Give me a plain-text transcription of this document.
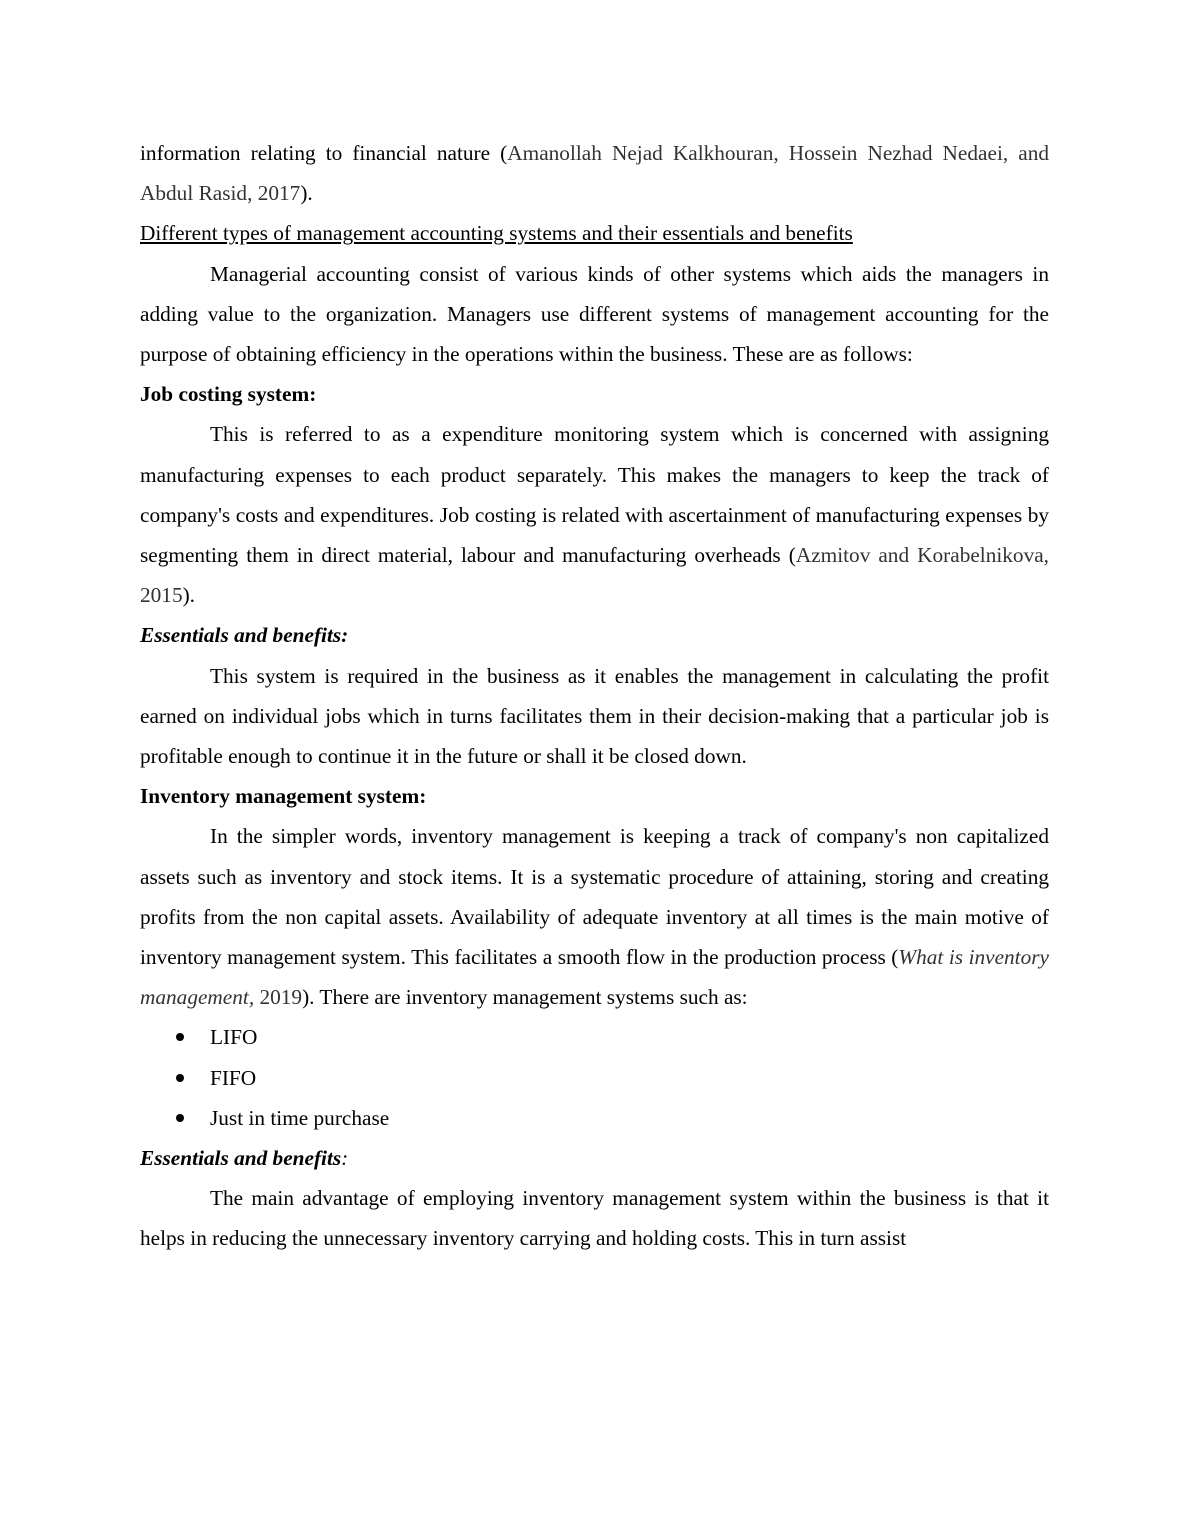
information relating to financial nature (Amanollah Nejad Kalkhouran, Hossein Nezhad Nedaei, and Abdul Rasid, 2017).

Different types of management accounting systems and their essentials and benefits

Managerial accounting consist of various kinds of other systems which aids the managers in adding value to the organization. Managers use different systems of management accounting for the purpose of obtaining efficiency in the operations within the business. These are as follows:

Job costing system:

This is referred to as a expenditure monitoring system which is concerned with assigning manufacturing expenses to each product separately. This makes the managers to keep the track of company's costs and expenditures. Job costing is related with ascertainment of manufacturing expenses by segmenting them in direct material, labour and manufacturing overheads (Azmitov and Korabelnikova, 2015).

Essentials and benefits:

This system is required in the business as it enables the management in calculating the profit earned on individual jobs which in turns facilitates them in their decision-making that a particular job is profitable enough to continue it in the future or shall it be closed down.

Inventory management system:

In the simpler words, inventory management is keeping a track of company's non capitalized assets such as inventory and stock items. It is a systematic procedure of attaining, storing and creating profits from the non capital assets. Availability of adequate inventory at all times is the main motive of inventory management system. This facilitates a smooth flow in the production process (What is inventory management, 2019). There are inventory management systems such as:

LIFO
FIFO
Just in time purchase

Essentials and benefits:

The main advantage of employing inventory management system within the business is that it helps in reducing the unnecessary inventory carrying and holding costs. This in turn assist
